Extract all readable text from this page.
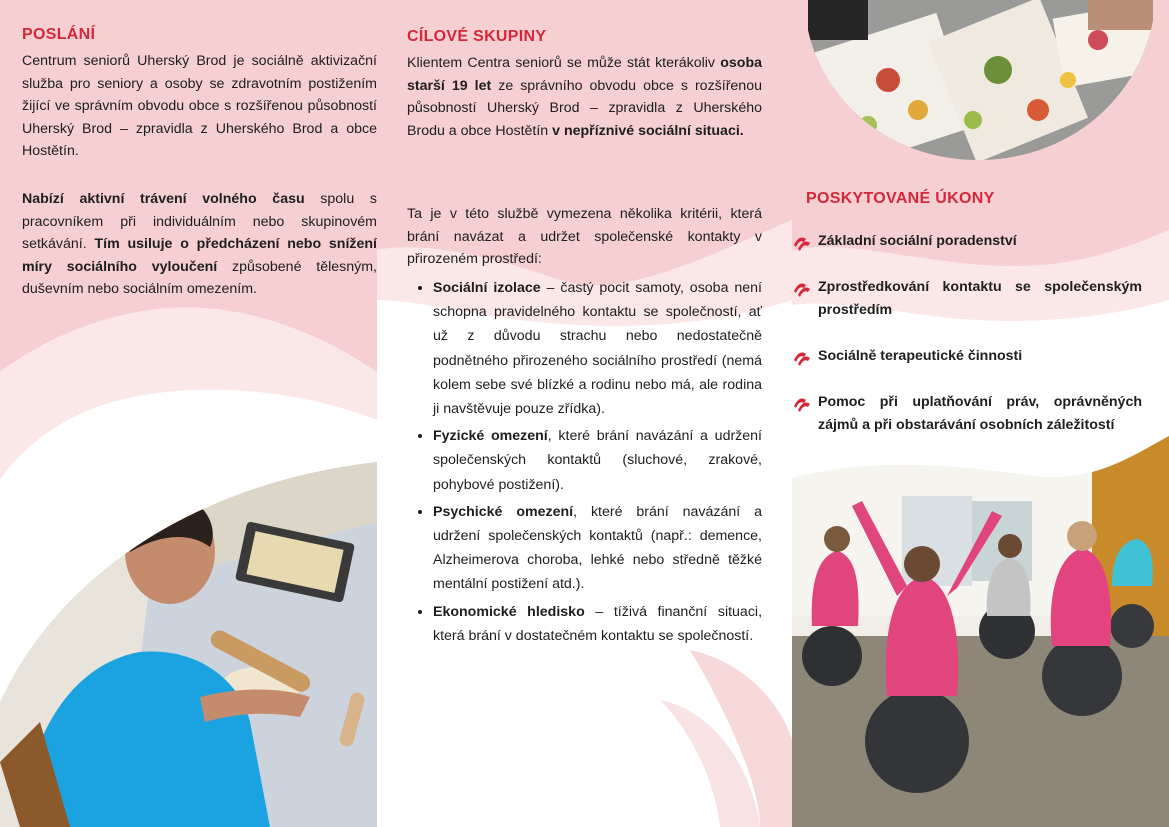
POSLÁNÍ
Centrum seniorů Uherský Brod je sociálně aktivizační služba pro seniory a osoby se zdravotním postižením žijící ve správním obvodu obce s rozšířenou působností Uherský Brod – zpravidla z Uherského Brod a obce Hostětín.
Nabízí aktivní trávení volného času spolu s pracovníkem při individuálním nebo skupinovém setkávání. Tím usiluje o předcházení nebo snížení míry sociálního vyloučení způsobené tělesným, duševním nebo sociálním omezením.
CÍLOVÉ SKUPINY
Klientem Centra seniorů se může stát kterákoliv osoba starší 19 let ze správního obvodu obce s rozšířenou působností Uherský Brod – zpravidla z Uherského Brodu a obce Hostětín v nepříznivé sociální situaci.
Ta je v této službě vymezena několika kritérii, která brání navázat a udržet společenské kontakty v přirozeném prostředí:
• Sociální izolace – častý pocit samoty, osoba není schopna pravidelného kontaktu se společností, ať už z důvodu strachu nebo nedostatečně podnětného přirozeného sociálního prostředí (nemá kolem sebe své blízké a rodinu nebo má, ale rodina ji navštěvuje pouze zřídka).
• Fyzické omezení, které brání navázání a udržení společenských kontaktů (sluchové, zrakové, pohybové postižení).
• Psychické omezení, které brání navázání a udržení společenských kontaktů (např.: demence, Alzheimerova choroba, lehké nebo středně těžké mentální postižení atd.).
• Ekonomické hledisko – tíživá finanční situaci, která brání v dostatečném kontaktu se společností.
POSKYTOVANÉ ÚKONY
Základní sociální poradenství
Zprostředkování kontaktu se společenským prostředím
Sociálně terapeutické činnosti
Pomoc při uplatňování práv, oprávněných zájmů a při obstarávání osobních záležitostí
